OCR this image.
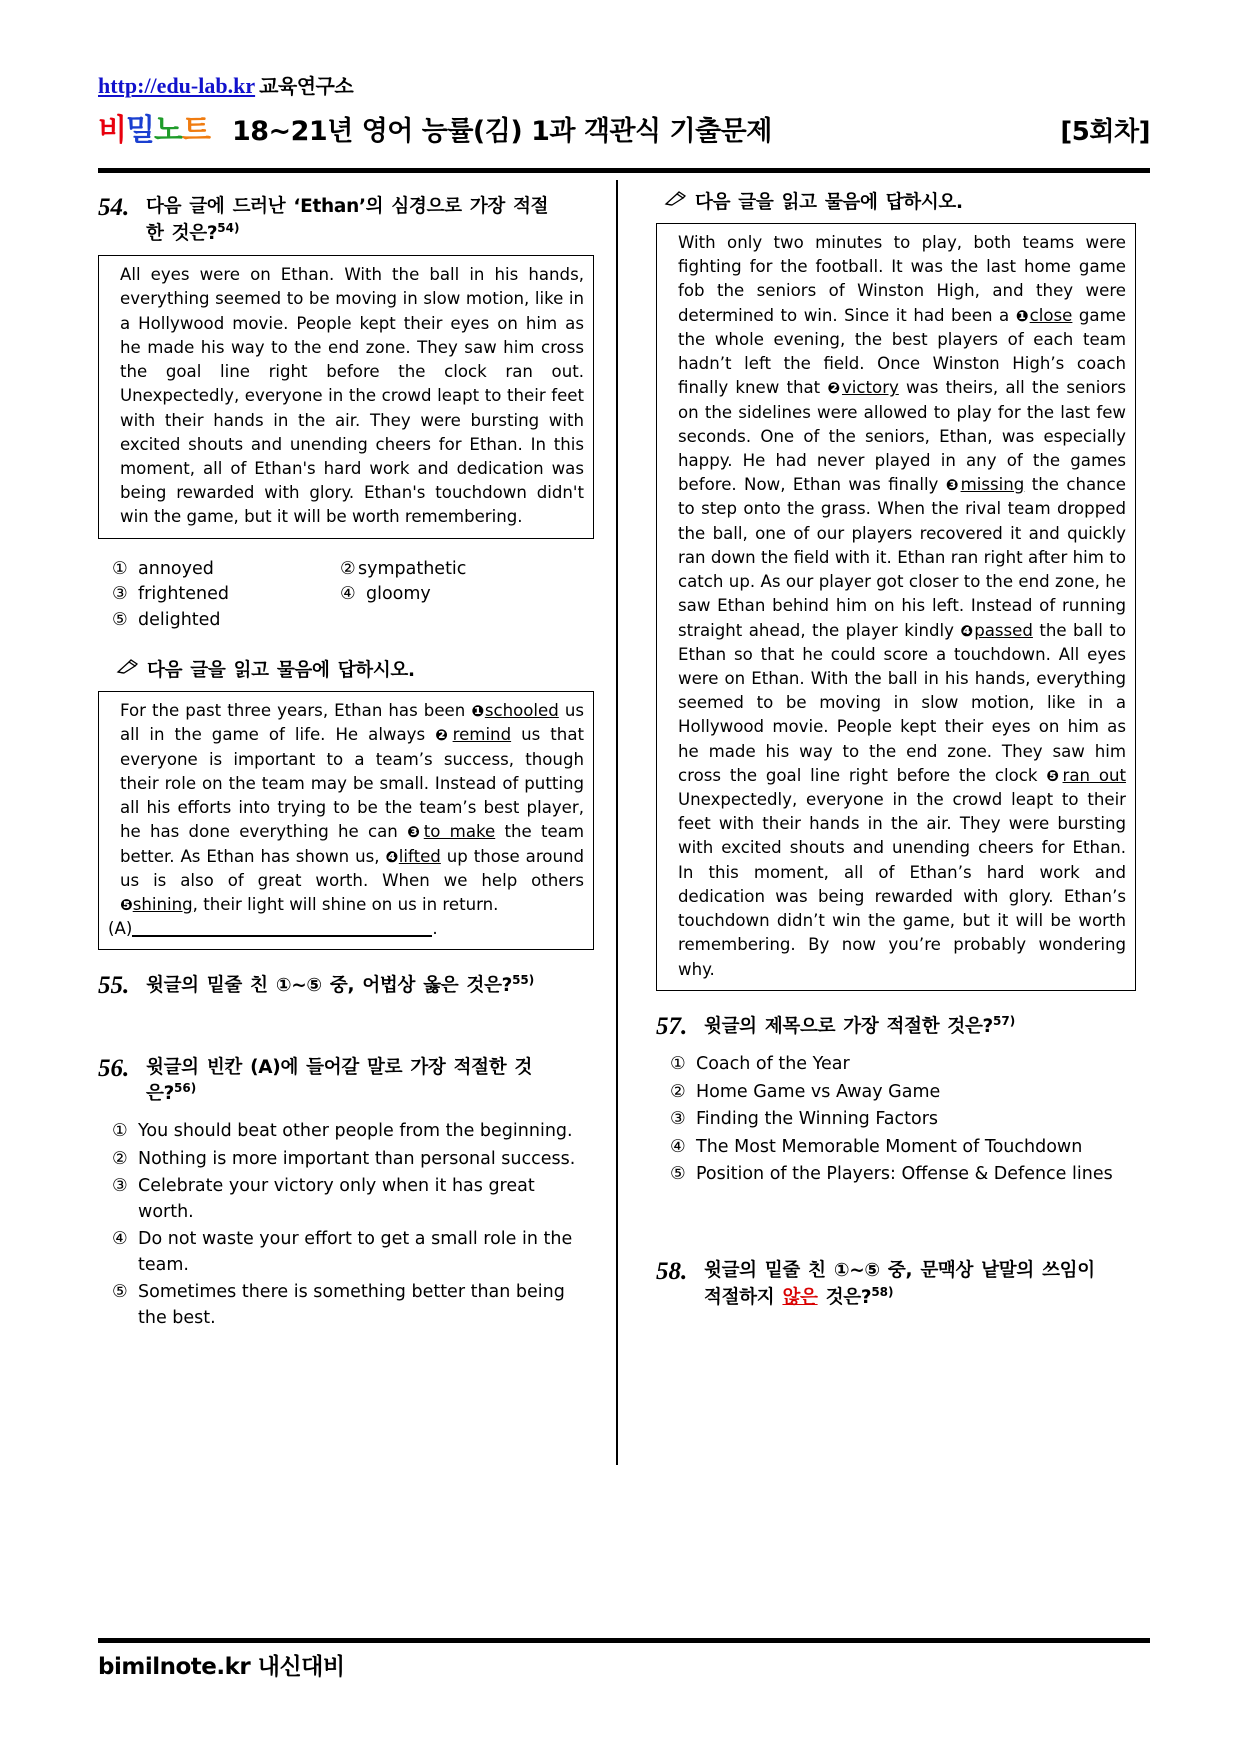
http://edu-lab.kr 교육연구소
비밀노트 18~21년 영어 능률(김) 1과 객관식 기출문제	[5회차]
54. 다음 글에 드러난 ‘Ethan’의 심경으로 가장 적절
한 것은?$^{54)}$

All eyes were on Ethan. With the ball in his hands, everything seemed to be moving in slow motion, like in a Hollywood movie. People kept their eyes on him as he made his way to the end zone. They saw him cross the goal line right before the clock ran out. Unexpectedly, everyone in the crowd leapt to their feet with their hands in the air. They were bursting with excited shouts and unending cheers for Ethan. In this moment, all of Ethan's hard work and dedication was being rewarded with glory. Ethan's touchdown didn't win the game, but it will be worth remembering.

① annoyed	② sympathetic
③ frightened	④ gloomy
⑤ delighted
다음 글을 읽고 물음에 답하시오.

For the past three years, Ethan has been ❶schooled us all in the game of life. He always ❷remind us that everyone is important to a team’s success, though their role on the team may be small. Instead of putting all his efforts into trying to be the team’s best player, he has done everything he can ❸to make the team better. As Ethan has shown us, ❹lifted up those around us is also of great worth. When we help others ❺shining, their light will shine on us in return.

(A)	.

55. 윗글의 밑줄 친 ①~⑤ 중, 어법상 옳은 것은?$^{55)}$
56. 윗글의 빈칸 (A)에 들어갈 말로 가장 적절한 것
은?$^{56)}$
① You should beat other people from the beginning.
② Nothing is more important than personal success.
③ Celebrate your victory only when it has great worth.
④ Do not waste your effort to get a small role in the team.
⑤ Sometimes there is something better than being the best.
다음 글을 읽고 물음에 답하시오.

With only two minutes to play, both teams were fighting for the football. It was the last home game fob the seniors of Winston High, and they were determined to win. Since it had been a ❶close game the whole evening, the best players of each team hadn’t left the field. Once Winston High’s coach finally knew that ❷victory was theirs, all the seniors on the sidelines were allowed to play for the last few seconds. One of the seniors, Ethan, was especially happy. He had never played in any of the games before. Now, Ethan was finally ❸missing the chance to step onto the grass. When the rival team dropped the ball, one of our players recovered it and quickly ran down the field with it. Ethan ran right after him to catch up. As our player got closer to the end zone, he saw Ethan behind him on his left. Instead of running straight ahead, the player kindly ❹passed the ball to Ethan so that he could score a touchdown. All eyes were on Ethan. With the ball in his hands, everything seemed to be moving in slow motion, like in a Hollywood movie. People kept their eyes on him as he made his way to the end zone. They saw him cross the goal line right before the clock ❺ran out Unexpectedly, everyone in the crowd leapt to their feet with their hands in the air. They were bursting with excited shouts and unending cheers for Ethan. In this moment, all of Ethan’s hard work and dedication was being rewarded with glory. Ethan’s touchdown didn’t win the game, but it will be worth remembering. By now you’re probably wondering why.

57. 윗글의 제목으로 가장 적절한 것은?$^{57)}$
① Coach of the Year
② Home Game vs Away Game
③ Finding the Winning Factors
④ The Most Memorable Moment of Touchdown
⑤ Position of the Players: Offense & Defence lines
58. 윗글의 밑줄 친 ①~⑤ 중, 문맥상 낱말의 쓰임이
적절하지 않은 것은?$^{58)}$
bimilnote.kr 내신대비
